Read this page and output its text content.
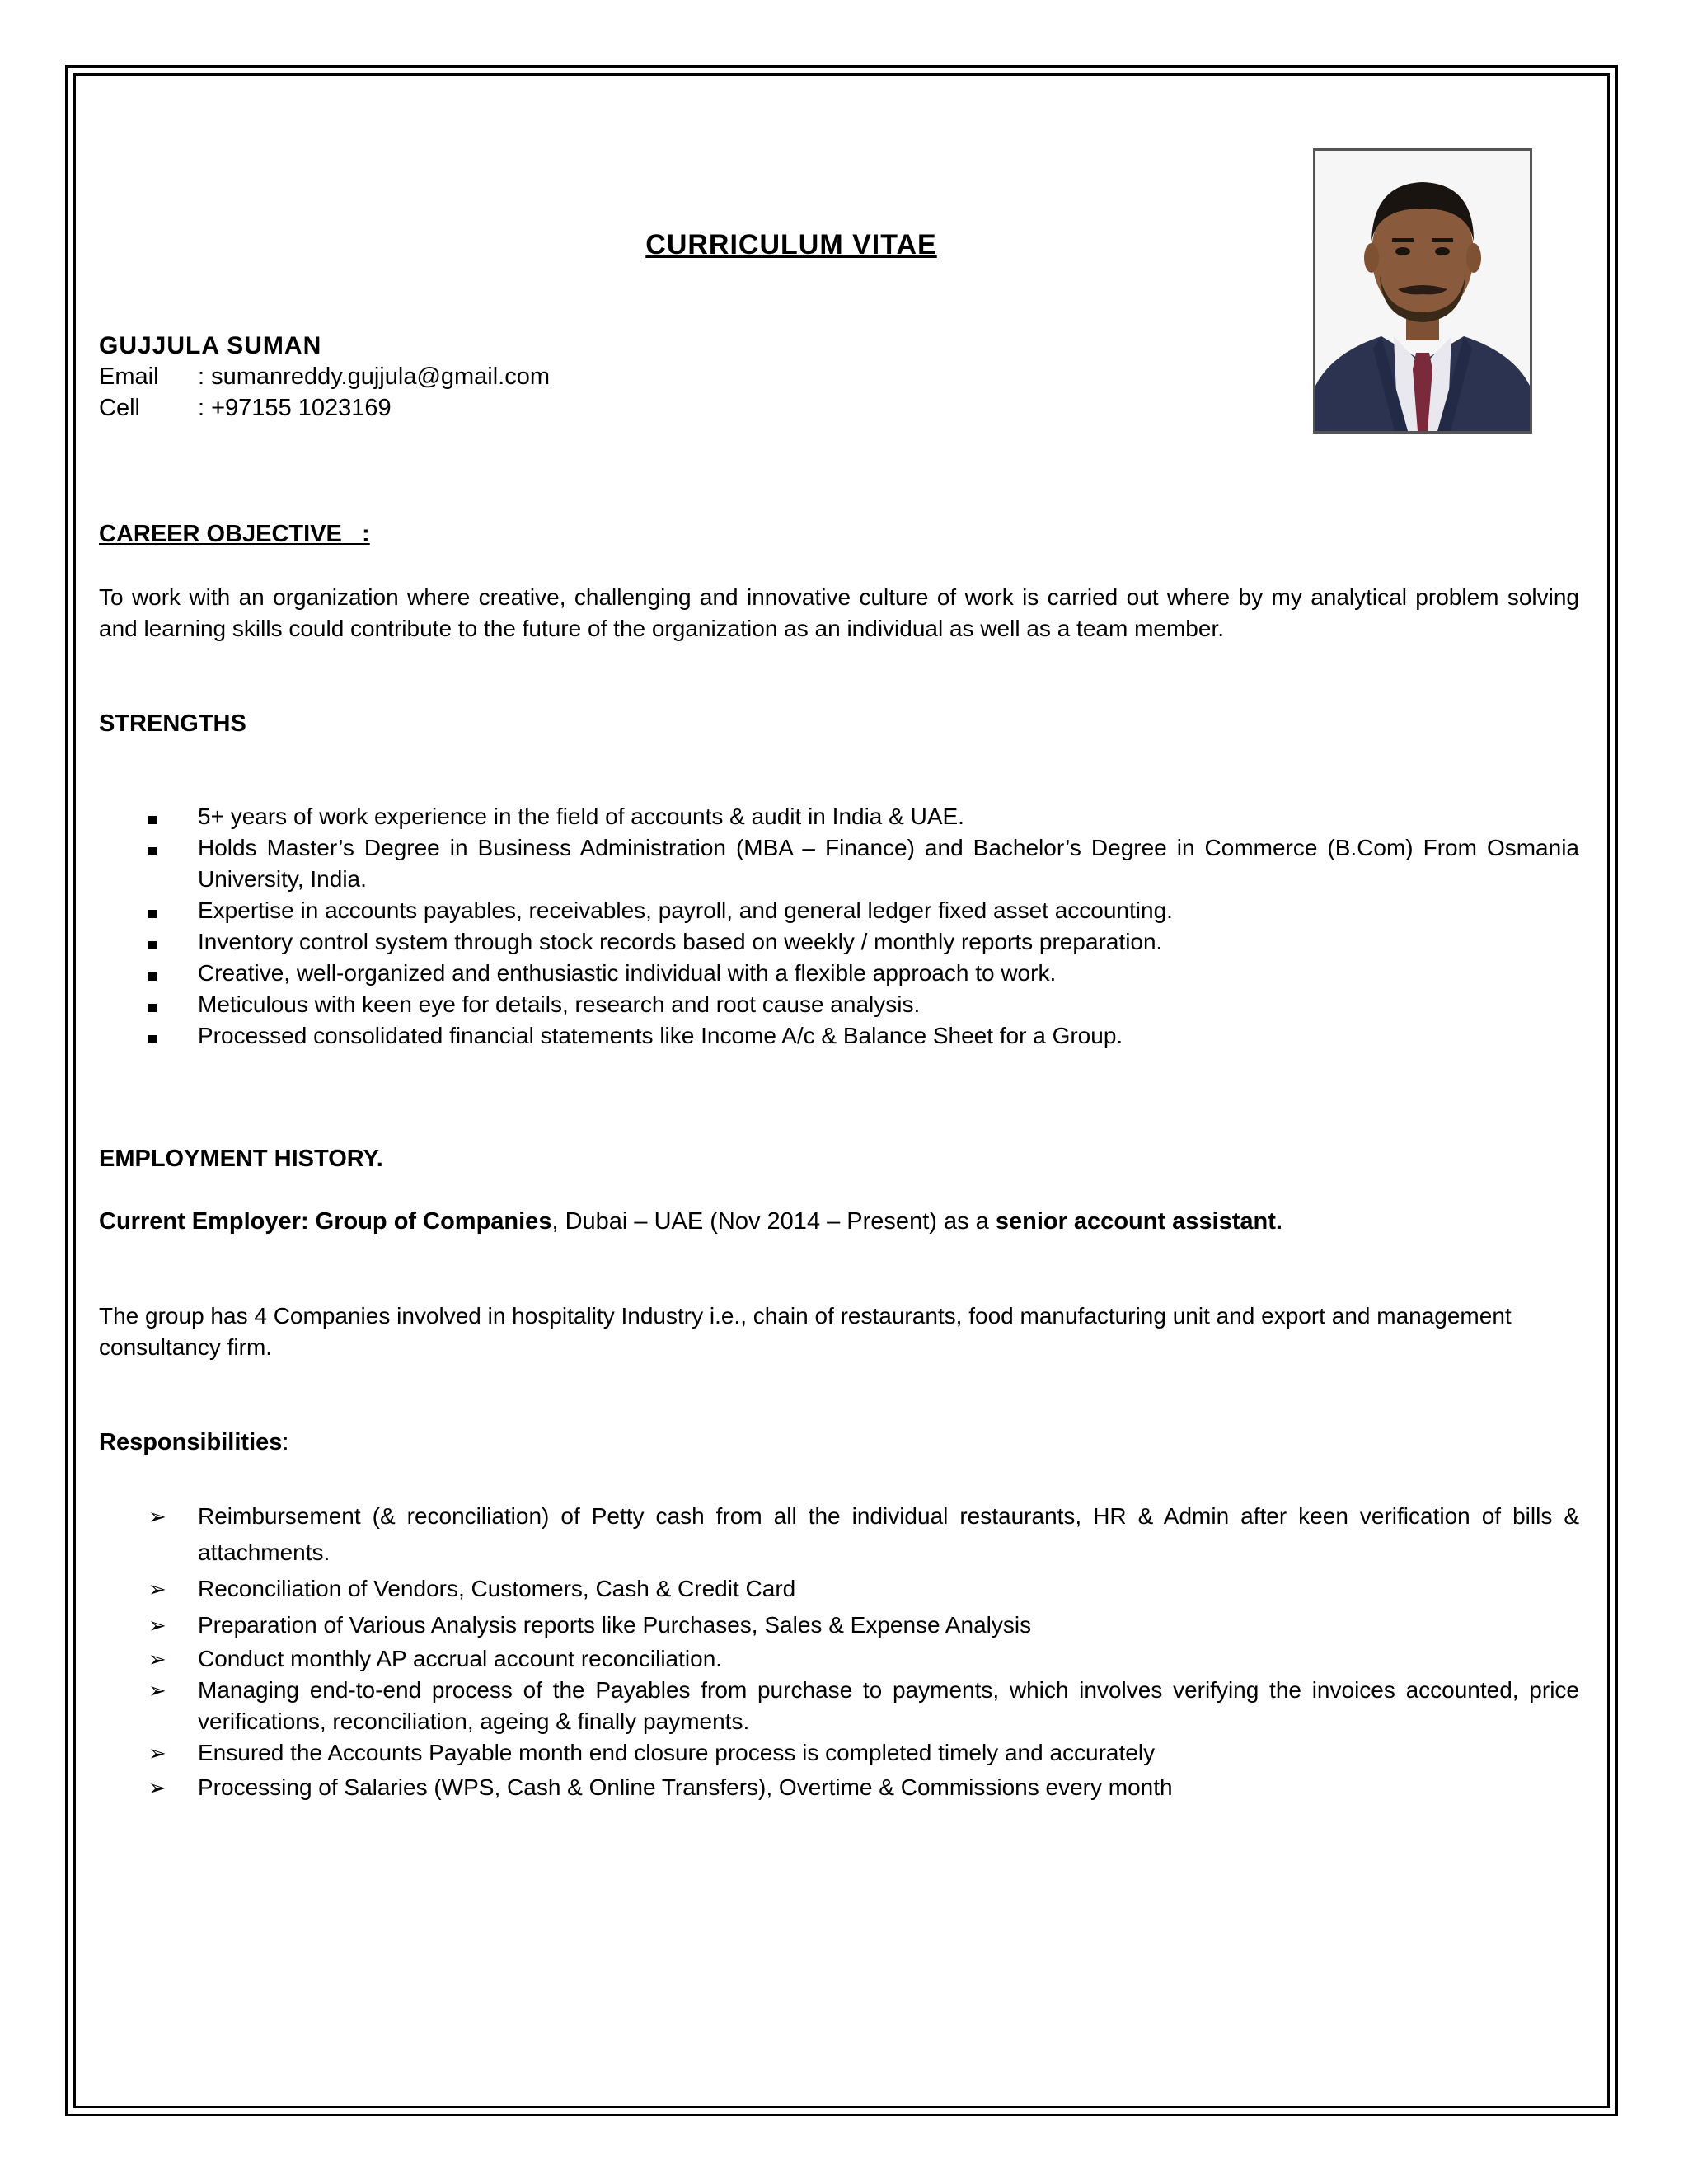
CURRICULUM VITAE
GUJJULA SUMAN
Email : sumanreddy.gujjula@gmail.com
Cell : +97155 1023169
CAREER OBJECTIVE   :
To work with an organization where creative, challenging and innovative culture of work is carried out where by my analytical problem solving and learning skills could contribute to the future of the organization as an individual as well as a team member.
STRENGTHS
EMPLOYMENT HISTORY.
Current Employer: Group of Companies, Dubai – UAE (Nov 2014 – Present) as a senior account assistant.
The group has 4 Companies involved in hospitality Industry i.e., chain of restaurants, food manufacturing unit and export and management consultancy firm.
Responsibilities:
5+ years of work experience in the field of accounts & audit in India & UAE.
Holds Master’s Degree in Business Administration (MBA – Finance) and Bachelor’s Degree in Commerce (B.Com) From Osmania University, India.
Expertise in accounts payables, receivables, payroll, and general ledger fixed asset accounting.
Inventory control system through stock records based on weekly / monthly reports preparation.
Creative, well-organized and enthusiastic individual with a flexible approach to work.
Meticulous with keen eye for details, research and root cause analysis.
Processed consolidated financial statements like Income A/c & Balance Sheet for a Group.
➢ Reimbursement (& reconciliation) of Petty cash from all the individual restaurants, HR & Admin after keen verification of bills & attachments.
➢ Reconciliation of Vendors, Customers, Cash & Credit Card
➢ Preparation of Various Analysis reports like Purchases, Sales & Expense Analysis
➢ Conduct monthly AP accrual account reconciliation.
➢ Managing end-to-end process of the Payables from purchase to payments, which involves verifying the invoices accounted, price verifications, reconciliation, ageing & finally payments.
➢ Ensured the Accounts Payable month end closure process is completed timely and accurately
➢ Processing of Salaries (WPS, Cash & Online Transfers), Overtime & Commissions every month
